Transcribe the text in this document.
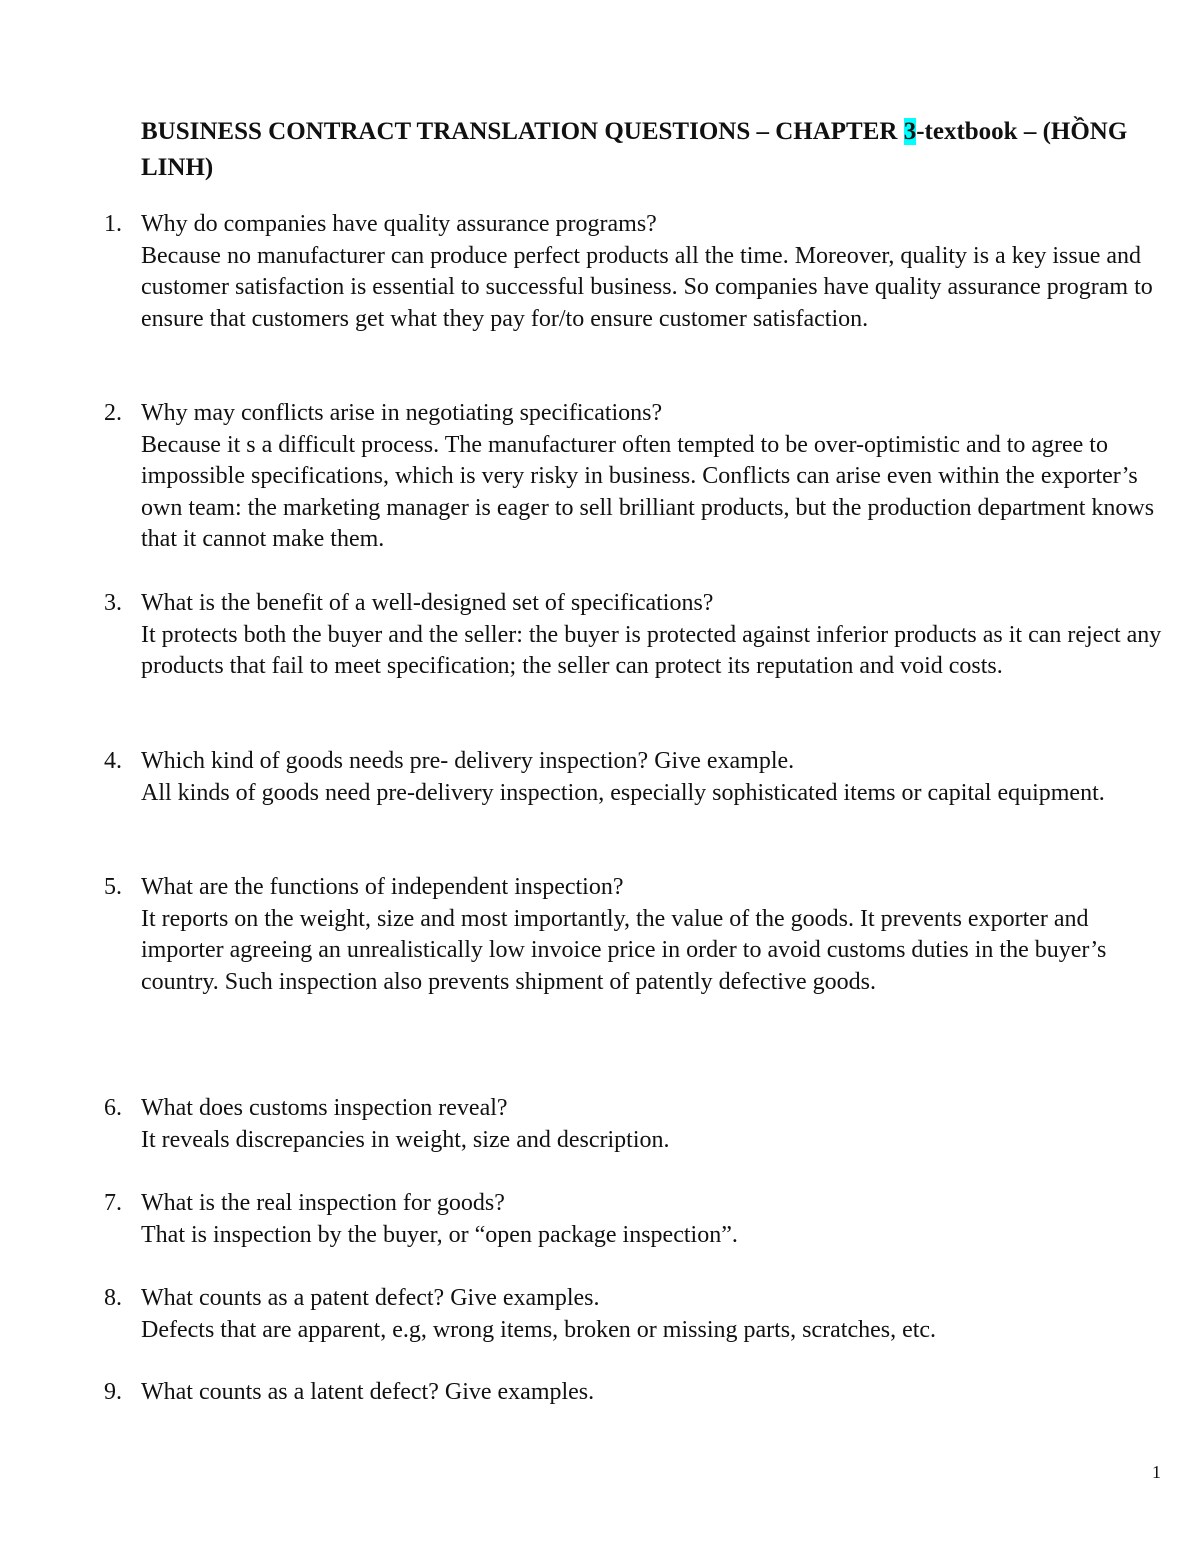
BUSINESS CONTRACT TRANSLATION QUESTIONS – CHAPTER 3-textbook – (HỒNG LINH)
1. Why do companies have quality assurance programs?
Because no manufacturer can produce perfect products all the time. Moreover, quality is a key issue and customer satisfaction is essential to successful business. So companies have quality assurance program to ensure that customers get what they pay for/to ensure customer satisfaction.
2. Why may conflicts arise in negotiating specifications?
Because it s a difficult process. The manufacturer often tempted to be over-optimistic and to agree to impossible specifications, which is very risky in business. Conflicts can arise even within the exporter’s own team: the marketing manager is eager to sell brilliant products, but the production department knows that it cannot make them.
3. What is the benefit of a well-designed set of specifications?
It protects both the buyer and the seller: the buyer is protected against inferior products as it can reject any products that fail to meet specification; the seller can protect its reputation and void costs.
4. Which kind of goods needs pre- delivery inspection? Give example.
All kinds of goods need pre-delivery inspection, especially sophisticated items or capital equipment.
5. What are the functions of independent inspection?
It reports on the weight, size and most importantly, the value of the goods. It prevents exporter and importer agreeing an unrealistically low invoice price in order to avoid customs duties in the buyer’s country. Such inspection also prevents shipment of patently defective goods.
6. What does customs inspection reveal?
It reveals discrepancies in weight, size and description.
7. What is the real inspection for goods?
That is inspection by the buyer, or “open package inspection”.
8. What counts as a patent defect? Give examples.
Defects that are apparent, e.g, wrong items, broken or missing parts, scratches, etc.
9. What counts as a latent defect? Give examples.
1
